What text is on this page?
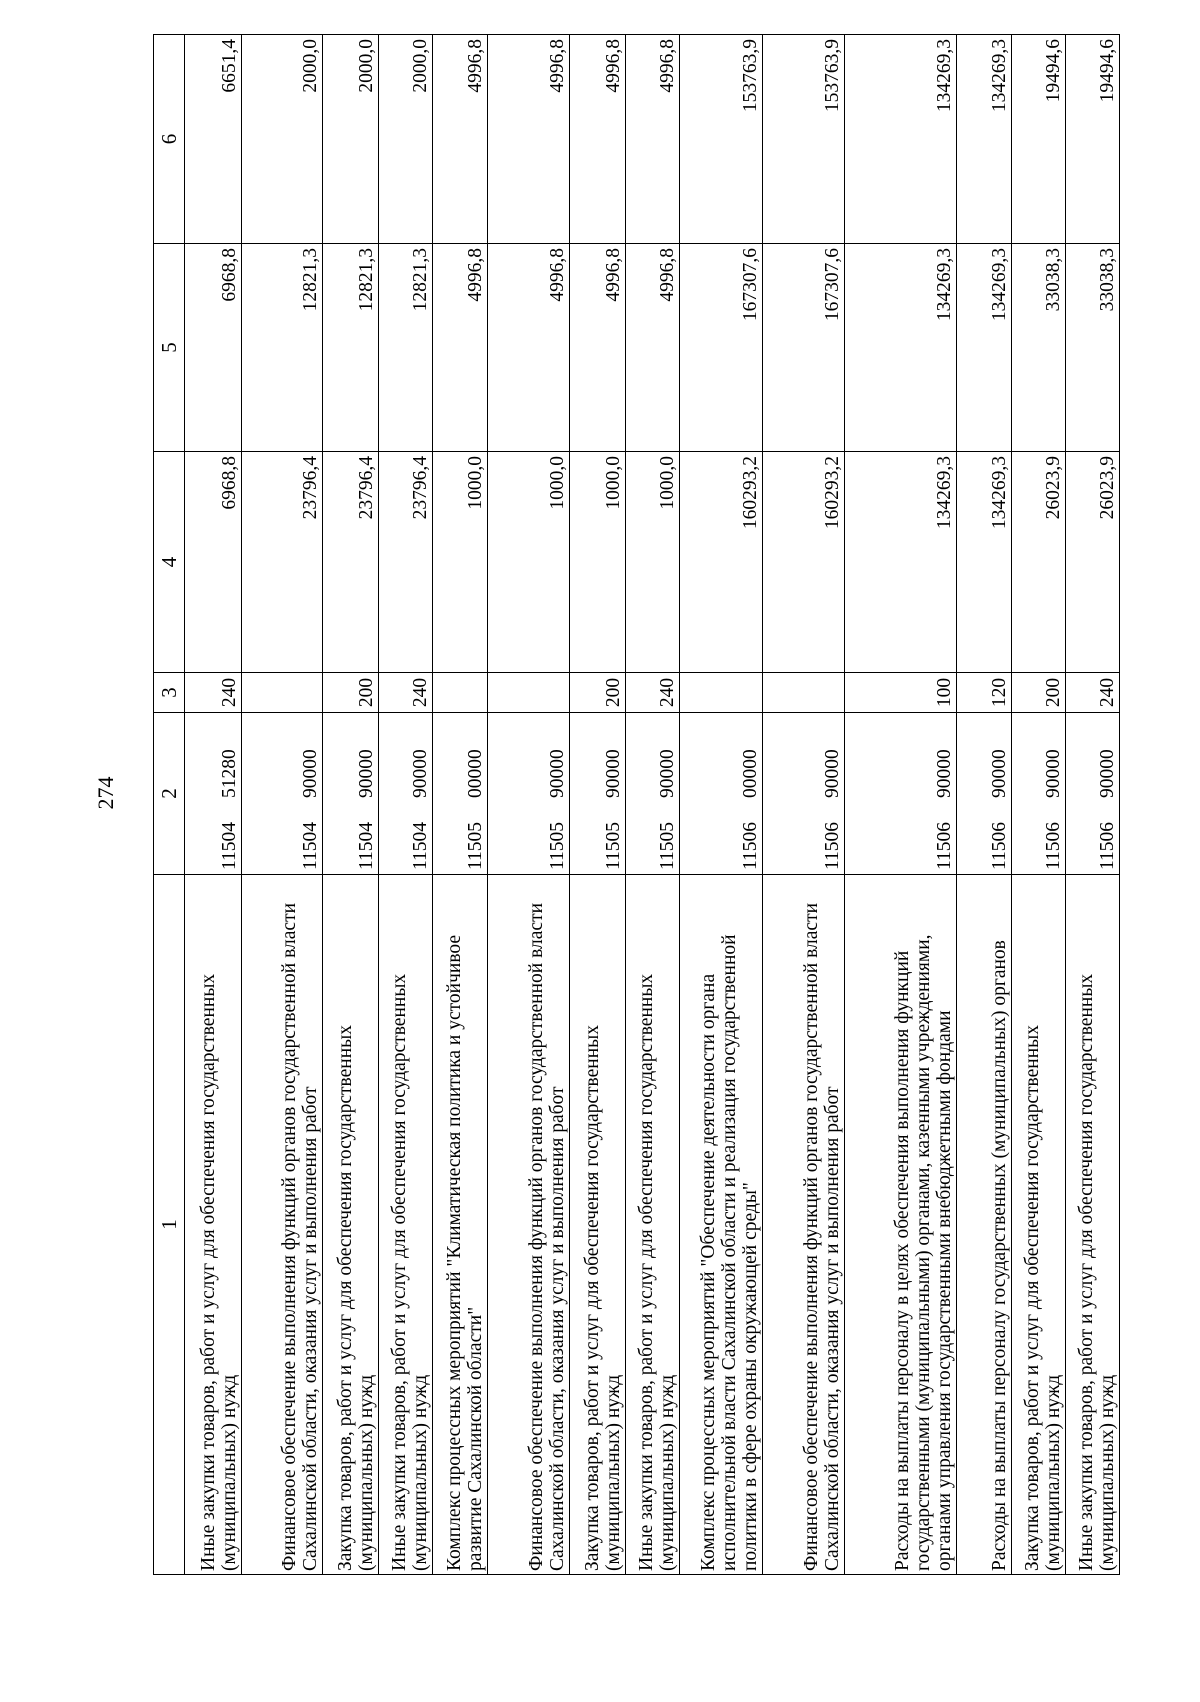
274
1	2	3	4	5	6
Иные закупки товаров, работ и услуг для обеспечения государственных (муниципальных) нужд	1150451280	240	6968,8	6968,8	6651,4
Финансовое обеспечение выполнения функций органов государственной власти Сахалинской области, оказания услуг и выполнения работ	1150490000		23796,4	12821,3	2000,0
Закупка товаров, работ и услуг для обеспечения государственных (муниципальных) нужд	1150490000	200	23796,4	12821,3	2000,0
Иные закупки товаров, работ и услуг для обеспечения государственных (муниципальных) нужд	1150490000	240	23796,4	12821,3	2000,0
Комплекс процессных мероприятий "Климатическая политика и устойчивое развитие Сахалинской области"	1150500000		1000,0	4996,8	4996,8
Финансовое обеспечение выполнения функций органов государственной власти Сахалинской области, оказания услуг и выполнения работ	1150590000		1000,0	4996,8	4996,8
Закупка товаров, работ и услуг для обеспечения государственных (муниципальных) нужд	1150590000	200	1000,0	4996,8	4996,8
Иные закупки товаров, работ и услуг для обеспечения государственных (муниципальных) нужд	1150590000	240	1000,0	4996,8	4996,8
Комплекс процессных мероприятий "Обеспечение деятельности органа исполнительной власти Сахалинской области и реализация государственной политики в сфере охраны окружающей среды"	1150600000		160293,2	167307,6	153763,9
Финансовое обеспечение выполнения функций органов государственной власти Сахалинской области, оказания услуг и выполнения работ	1150690000		160293,2	167307,6	153763,9
Расходы на выплаты персоналу в целях обеспечения выполнения функций государственными (муниципальными) органами, казенными учреждениями, органами управления государственными внебюджетными фондами	1150690000	100	134269,3	134269,3	134269,3
Расходы на выплаты персоналу государственных (муниципальных) органов	1150690000	120	134269,3	134269,3	134269,3
Закупка товаров, работ и услуг для обеспечения государственных (муниципальных) нужд	1150690000	200	26023,9	33038,3	19494,6
Иные закупки товаров, работ и услуг для обеспечения государственных (муниципальных) нужд	1150690000	240	26023,9	33038,3	19494,6
